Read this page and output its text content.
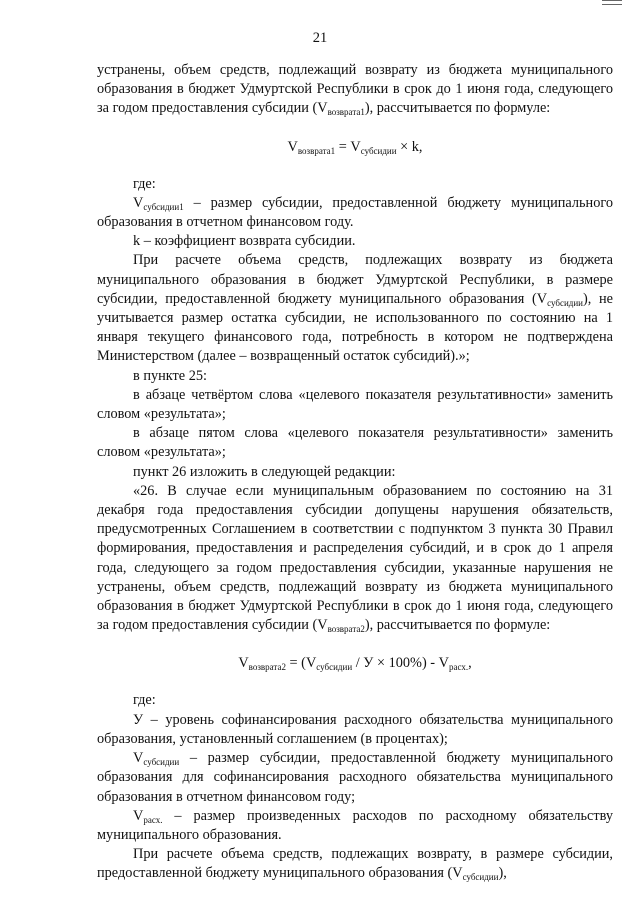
21

устранены, объем средств, подлежащий возврату из бюджета муниципального образования в бюджет Удмуртской Республики в срок до 1 июня года, следующего за годом предоставления субсидии $(V_{возврата1})$, рассчитывается по формуле:

$V_{возврата1} = V_{субсидии} \times k$,

где:

$V_{субсидии1}$ – размер субсидии, предоставленной бюджету муниципального образования в отчетном финансовом году.

k – коэффициент возврата субсидии.

При расчете объема средств, подлежащих возврату из бюджета муниципального образования в бюджет Удмуртской Республики, в размере субсидии, предоставленной бюджету муниципального образования $(V_{субсидии})$, не учитывается размер остатка субсидии, не использованного по состоянию на 1 января текущего финансового года, потребность в котором не подтверждена Министерством (далее – возвращенный остаток субсидий).»;

в пункте 25:

в абзаце четвёртом слова «целевого показателя результативности» заменить словом «результата»;

в абзаце пятом слова «целевого показателя результативности» заменить словом «результата»;

пункт 26 изложить в следующей редакции:

«26. В случае если муниципальным образованием по состоянию на 31 декабря года предоставления субсидии допущены нарушения обязательств, предусмотренных Соглашением в соответствии с подпунктом 3 пункта 30 Правил формирования, предоставления и распределения субсидий, и в срок до 1 апреля года, следующего за годом предоставления субсидии, указанные нарушения не устранены, объем средств, подлежащий возврату из бюджета муниципального образования в бюджет Удмуртской Республики в срок до 1 июня года, следующего за годом предоставления субсидии $(V_{возврата2})$, рассчитывается по формуле:

$V_{возврата2} = (V_{субсидии} / У \times 100\%) - V_{расх.}$,

где:

У – уровень софинансирования расходного обязательства муниципального образования, установленный соглашением (в процентах);

$V_{субсидии}$ – размер субсидии, предоставленной бюджету муниципального образования для софинансирования расходного обязательства муниципального образования в отчетном финансовом году;

$V_{расх.}$ – размер произведенных расходов по расходному обязательству муниципального образования.

При расчете объема средств, подлежащих возврату, в размере субсидии, предоставленной бюджету муниципального образования $(V_{субсидии})$,
